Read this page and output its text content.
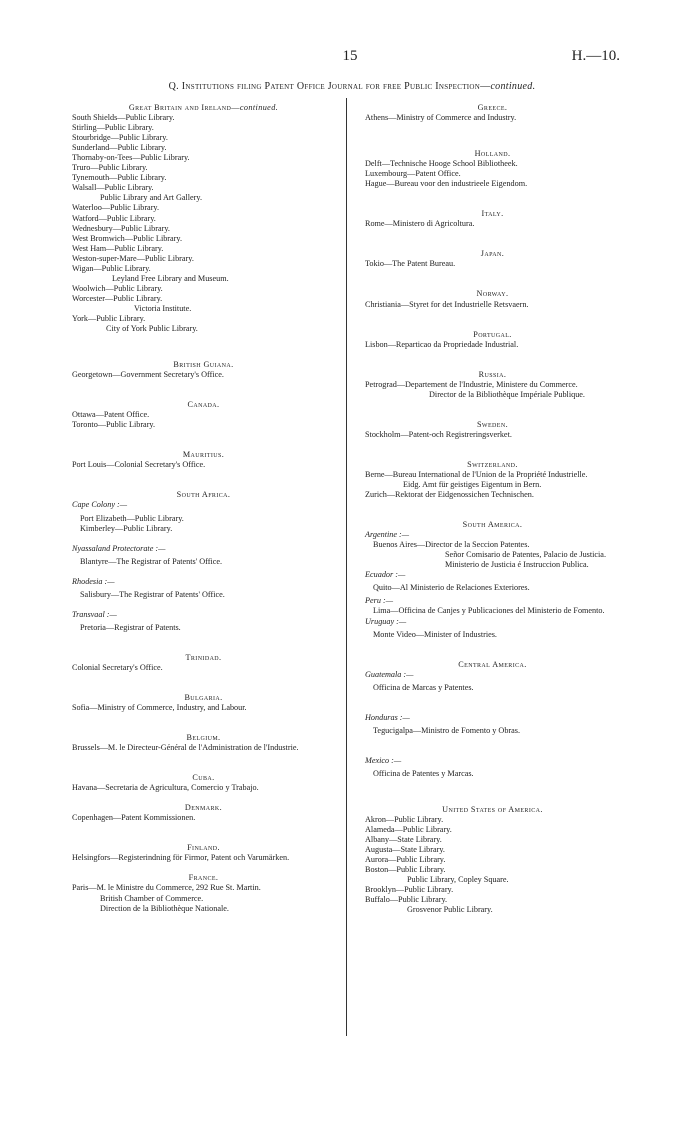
15	H.—10.
Q. Institutions filing Patent Office Journal for free Public Inspection—continued.
Great Britain and Ireland—continued.
South Shields—Public Library.
Stirling—Public Library.
Stourbridge—Public Library.
Sunderland—Public Library.
Thornaby-on-Tees—Public Library.
Truro—Public Library.
Tynemouth—Public Library.
Walsall—Public Library.
Public Library and Art Gallery.
Waterloo—Public Library.
Watford—Public Library.
Wednesbury—Public Library.
West Bromwich—Public Library.
West Ham—Public Library.
Weston-super-Mare—Public Library.
Wigan—Public Library.
Leyland Free Library and Museum.
Woolwich—Public Library.
Worcester—Public Library.
Victoria Institute.
York—Public Library.
City of York Public Library.
British Guiana.
Georgetown—Government Secretary's Office.
Canada.
Ottawa—Patent Office.
Toronto—Public Library.
Mauritius.
Port Louis—Colonial Secretary's Office.
South Africa.
Cape Colony :—
Port Elizabeth—Public Library.
Kimberley—Public Library.
Nyassaland Protectorate :—
Blantyre—The Registrar of Patents' Office.
Rhodesia :—
Salisbury—The Registrar of Patents' Office.
Transvaal :—
Pretoria—Registrar of Patents.
Trinidad.
Colonial Secretary's Office.
Bulgaria.
Sofia—Ministry of Commerce, Industry, and Labour.
Belgium.
Brussels—M. le Directeur-Général de l'Administration de l'Industrie.
Cuba.
Havana—Secretaria de Agricultura, Comercio y Trabajo.
Denmark.
Copenhagen—Patent Kommissionen.
Finland.
Helsingfors—Registerindning för Firmor, Patent och Varumärken.
France.
Paris—M. le Ministre du Commerce, 292 Rue St. Martin.
British Chamber of Commerce.
Direction de la Bibliothèque Nationale.
Greece.
Athens—Ministry of Commerce and Industry.
Holland.
Delft—Technische Hooge School Bibliotheek.
Luxembourg—Patent Office.
Hague—Bureau voor den industrieele Eigendom.
Italy.
Rome—Ministero di Agricoltura.
Japan.
Tokio—The Patent Bureau.
Norway.
Christiania—Styret for det Industrielle Retsvaern.
Portugal.
Lisbon—Reparticao da Propriedade Industrial.
Russia.
Petrograd—Departement de l'Industrie, Ministere du Commerce.
Director de la Bibliothèque Impériale Publique.
Sweden.
Stockholm—Patent-och Registreringsverket.
Switzerland.
Berne—Bureau International de l'Union de la Propriété Industrielle.
Eidg. Amt für geistiges Eigentum in Bern.
Zurich—Rektorat der Eidgenossichen Technischen.
South America.
Argentine :—
Buenos Aires—Director de la Seccion Patentes.
Señor Comisario de Patentes, Palacio de Justicia.
Ministerio de Justicia é Instruccion Publica.
Ecuador :—
Quito—Al Ministerio de Relaciones Exteriores.
Peru :—
Lima—Officina de Canjes y Publicaciones del Ministerio de Fomento.
Uruguay :—
Monte Video—Minister of Industries.
Central America.
Guatemala :—
Officina de Marcas y Patentes.
Honduras :—
Tegucigalpa—Ministro de Fomento y Obras.
Mexico :—
Officina de Patentes y Marcas.
United States of America.
Akron—Public Library.
Alameda—Public Library.
Albany—State Library.
Augusta—State Library.
Aurora—Public Library.
Boston—Public Library.
Public Library, Copley Square.
Brooklyn—Public Library.
Buffalo—Public Library.
Grosvenor Public Library.
